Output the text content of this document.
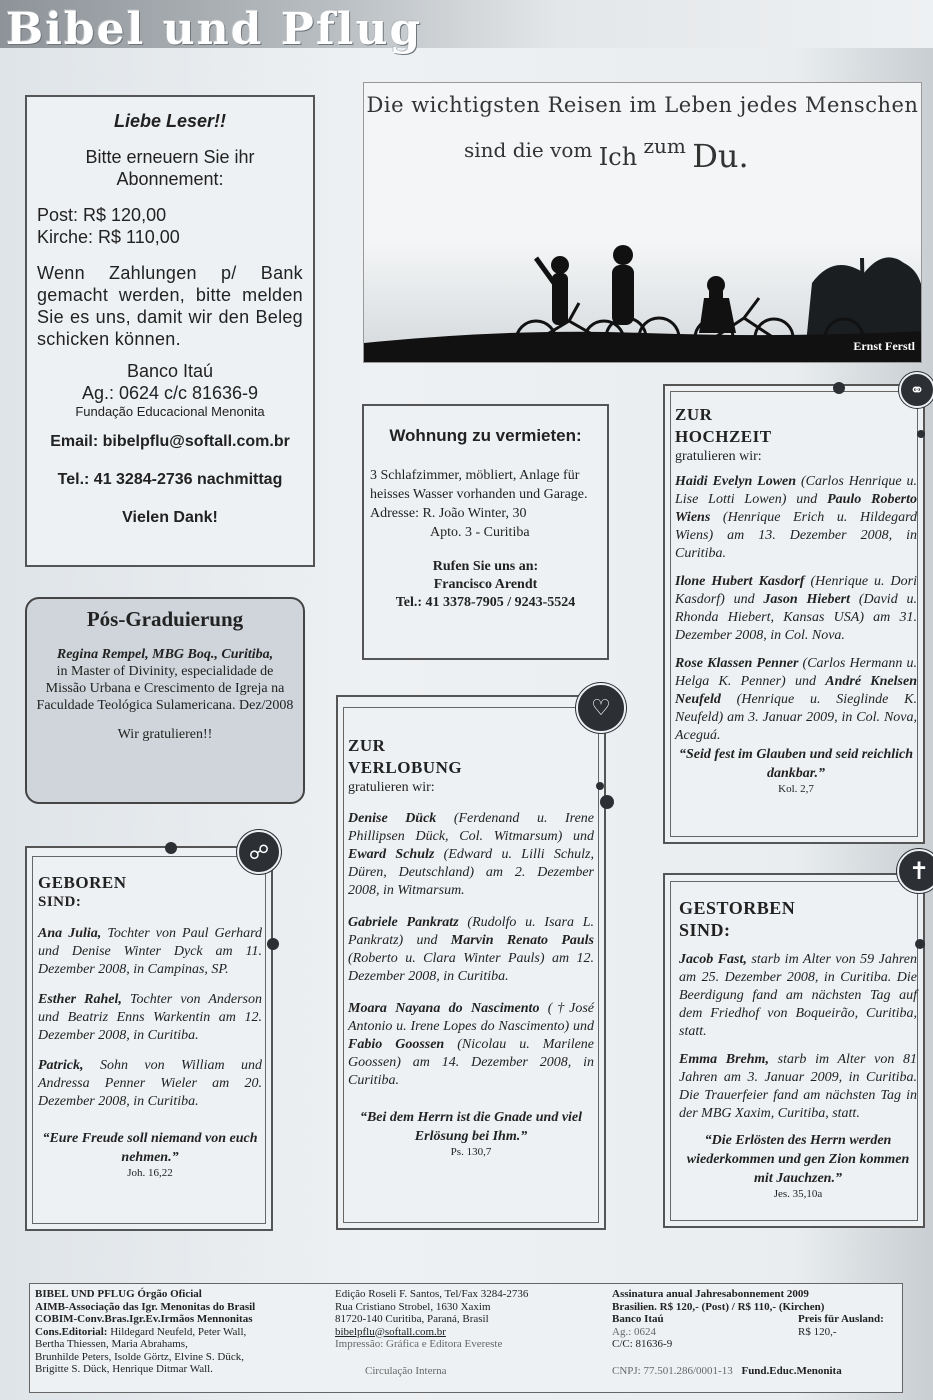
Bibel und Pflug
Liebe Leser!!
Bitte erneuern Sie ihr Abonnement:
Post: R$ 120,00
Kirche: R$ 110,00
Wenn Zahlungen p/ Bank gemacht werden, bitte melden Sie es uns, damit wir den Beleg schicken können.
Banco Itaú
Ag.: 0624 c/c 81636-9
Fundação Educacional Menonita
Email: bibelpflu@softall.com.br
Tel.: 41 3284-2736 nachmittag
Vielen Dank!
Pós-Graduierung
Regina Rempel, MBG Boq., Curitiba,
in Master of Divinity, especialidade de Missão Urbana e Crescimento de Igreja na Faculdade Teológica Sulamericana. Dez/2008
Wir gratulieren!!
Die wichtigsten Reisen im Leben jedes Menschen
sind die vom Ich zum Du.
Ernst Ferstl
Wohnung zu vermieten:
3 Schlafzimmer, möbliert, Anlage für heisses Wasser vorhanden und Garage.
Adresse: R. João Winter, 30
Apto. 3 - Curitiba
Rufen Sie uns an:
Francisco Arendt
Tel.: 41 3378-7905 / 9243-5524
ZUR
HOCHZEIT
gratulieren wir:
Haidi Evelyn Lowen (Carlos Henrique u. Lise Lotti Lowen) und Paulo Roberto Wiens (Henrique Erich u. Hildegard Wiens) am 13. Dezember 2008, in Curitiba.
Ilone Hubert Kasdorf (Henrique u. Dori Kasdorf) und Jason Hiebert (David u. Rhonda Hiebert, Kansas USA) am 31. Dezember 2008, in Col. Nova.
Rose Klassen Penner (Carlos Hermann u. Helga K. Penner) und André Knelsen Neufeld (Henrique u. Sieglinde K. Neufeld) am 3. Januar 2009, in Col. Nova, Aceguá.
“Seid fest im Glauben und seid reichlich dankbar.”
Kol. 2,7
⚭
ZUR
VERLOBUNG
gratulieren wir:
Denise Dück (Ferdenand u. Irene Phillipsen Dück, Col. Witmarsum) und Eward Schulz (Edward u. Lilli Schulz, Düren, Deutschland) am 2. Dezember 2008, in Witmarsum.
Gabriele Pankratz (Rudolfo u. Isara L. Pankratz) und Marvin Renato Pauls (Roberto u. Clara Winter Pauls) am 12. Dezember 2008, in Curitiba.
Moara Nayana do Nascimento (†José Antonio u. Irene Lopes do Nascimento) und Fabio Goossen (Nicolau u. Marilene Goossen) am 14. Dezember 2008, in Curitiba.
“Bei dem Herrn ist die Gnade und viel Erlösung bei Ihm.”
Ps. 130,7
♡
GEBOREN
SIND:
Ana Julia, Tochter von Paul Gerhard und Denise Winter Dyck am 11. Dezember 2008, in Campinas, SP.
Esther Rahel, Tochter von Anderson und Beatriz Enns Warkentin am 12. Dezember 2008, in Curitiba.
Patrick, Sohn von William und Andressa Penner Wieler am 20. Dezember 2008, in Curitiba.
“Eure Freude soll niemand von euch nehmen.”
Joh. 16,22
☍
GESTORBEN
SIND:
Jacob Fast, starb im Alter von 59 Jahren am 25. Dezember 2008, in Curitiba. Die Beerdigung fand am nächsten Tag auf dem Friedhof von Boqueirão, Curitiba, statt.
Emma Brehm, starb im Alter von 81 Jahren am 3. Januar 2009, in Curitiba. Die Trauerfeier fand am nächsten Tag in der MBG Xaxim, Curitiba, statt.
“Die Erlösten des Herrn werden wiederkommen und gen Zion kommen mit Jauchzen.”
Jes. 35,10a
✝
BIBEL UND PFLUG Órgão Oficial
AIMB-Associação das Igr. Menonitas do Brasil
COBIM-Conv.Bras.Igr.Ev.Irmãos Mennonitas
Cons.Editorial: Hildegard Neufeld, Peter Wall,
Bertha Thiessen, Maria Abrahams,
Brunhilde Peters, Isolde Görtz, Elvine S. Dück,
Brigitte S. Dück, Henrique Ditmar Wall.
Edição Roseli F. Santos, Tel/Fax 3284-2736
Rua Cristiano Strobel, 1630 Xaxim
81720-140 Curitiba, Paraná, Brasil
bibelpflu@softall.com.br
Impressão: Gráfica e Editora Evereste
Circulação Interna
Assinatura anual Jahresabonnement 2009
Brasilien. R$ 120,- (Post) / R$ 110,- (Kirchen)
Banco Itaú
Ag.: 0624
C/C: 81636-9
Preis für Ausland:
R$ 120,-
CNPJ: 77.501.286/0001-13 Fund.Educ.Menonita
